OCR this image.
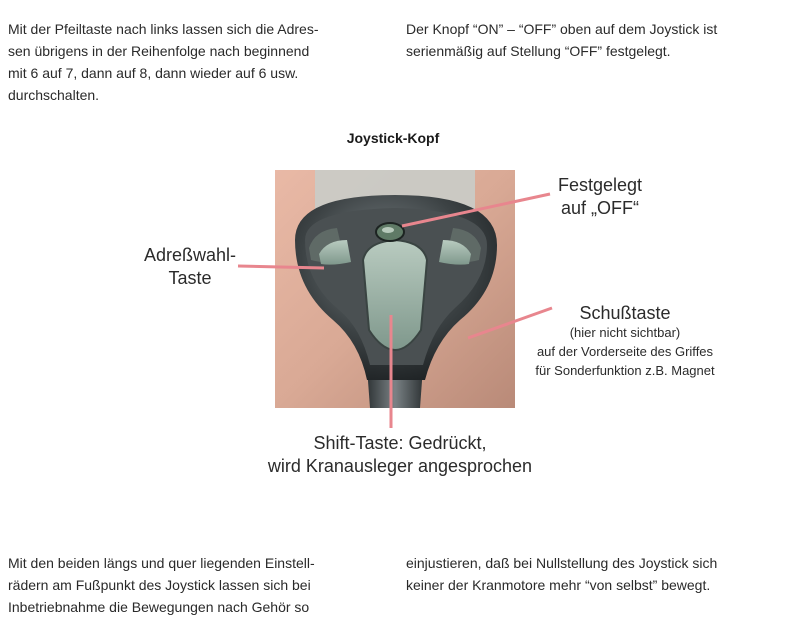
Mit der Pfeiltaste nach links lassen sich die Adres-
sen übrigens in der Reihenfolge nach beginnend
mit 6 auf 7, dann auf 8, dann wieder auf 6 usw.
durchschalten.
Der Knopf “ON” – “OFF” oben auf dem Joystick ist
serienmäßig auf Stellung “OFF” festgelegt.
Joystick-Kopf
Festgelegt
auf „OFF“
Adreßwahl-
Taste
Schußtaste
(hier nicht sichtbar)
auf der Vorderseite des Griffes
für Sonderfunktion z.B. Magnet
Shift-Taste: Gedrückt,
wird Kranausleger angesprochen
Mit den beiden längs und quer liegenden Einstell-
rädern am Fußpunkt des Joystick lassen sich bei
Inbetriebnahme die Bewegungen nach Gehör so
einjustieren, daß bei Nullstellung des Joystick sich
keiner der Kranmotore mehr “von selbst” bewegt.
